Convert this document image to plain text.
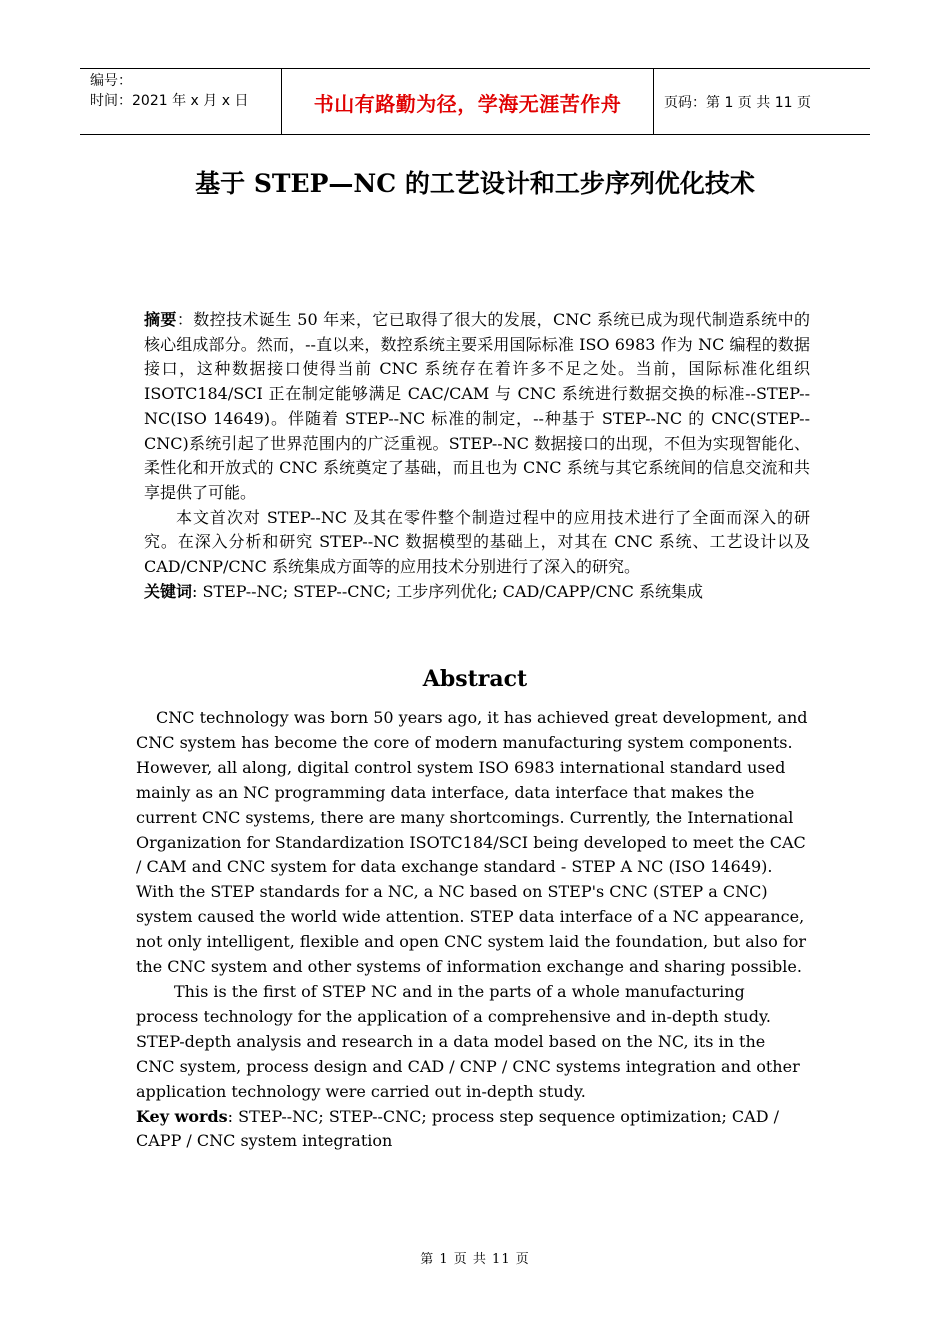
编号：
时间：2021 年 x 月 x 日	书山有路勤为径，学海无涯苦作舟	页码：第 1 页 共 11 页
基于 STEP—NC 的工艺设计和工步序列优化技术

摘要：数控技术诞生 50 年来，它已取得了很大的发展，CNC 系统已成为现代制造系统中的核心组成部分。然而，--直以来，数控系统主要采用国际标准 ISO 6983 作为 NC 编程的数据接口，这种数据接口使得当前 CNC 系统存在着许多不足之处。当前，国际标准化组织 ISOTC184/SCI 正在制定能够满足 CAC/CAM 与 CNC 系统进行数据交换的标准--STEP--NC(ISO 14649)。伴随着 STEP--NC 标准的制定，--种基于 STEP--NC 的 CNC(STEP--CNC)系统引起了世界范围内的广泛重视。STEP--NC 数据接口的出现，不但为实现智能化、柔性化和开放式的 CNC 系统奠定了基础，而且也为 CNC 系统与其它系统间的信息交流和共享提供了可能。

本文首次对 STEP--NC 及其在零件整个制造过程中的应用技术进行了全面而深入的研究。在深入分析和研究 STEP--NC 数据模型的基础上，对其在 CNC 系统、工艺设计以及 CAD/CNP/CNC 系统集成方面等的应用技术分别进行了深入的研究。

关键词: STEP--NC; STEP--CNC; 工步序列优化; CAD/CAPP/CNC 系统集成

Abstract

CNC technology was born 50 years ago, it has achieved great development, and CNC system has become the core of modern manufacturing system components. However, all along, digital control system ISO 6983 international standard used mainly as an NC programming data interface, data interface that makes the current CNC systems, there are many shortcomings. Currently, the International Organization for Standardization ISOTC184/SCI being developed to meet the CAC / CAM and CNC system for data exchange standard - STEP A NC (ISO 14649). With the STEP standards for a NC, a NC based on STEP's CNC (STEP a CNC) system caused the world wide attention. STEP data interface of a NC appearance, not only intelligent, flexible and open CNC system laid the foundation, but also for the CNC system and other systems of information exchange and sharing possible.

This is the first of STEP NC and in the parts of a whole manufacturing process technology for the application of a comprehensive and in-depth study. STEP-depth analysis and research in a data model based on the NC, its in the CNC system, process design and CAD / CNP / CNC systems integration and other application technology were carried out in-depth study.

Key words: STEP--NC; STEP--CNC; process step sequence optimization; CAD / CAPP / CNC system integration

第 1 页 共 11 页
